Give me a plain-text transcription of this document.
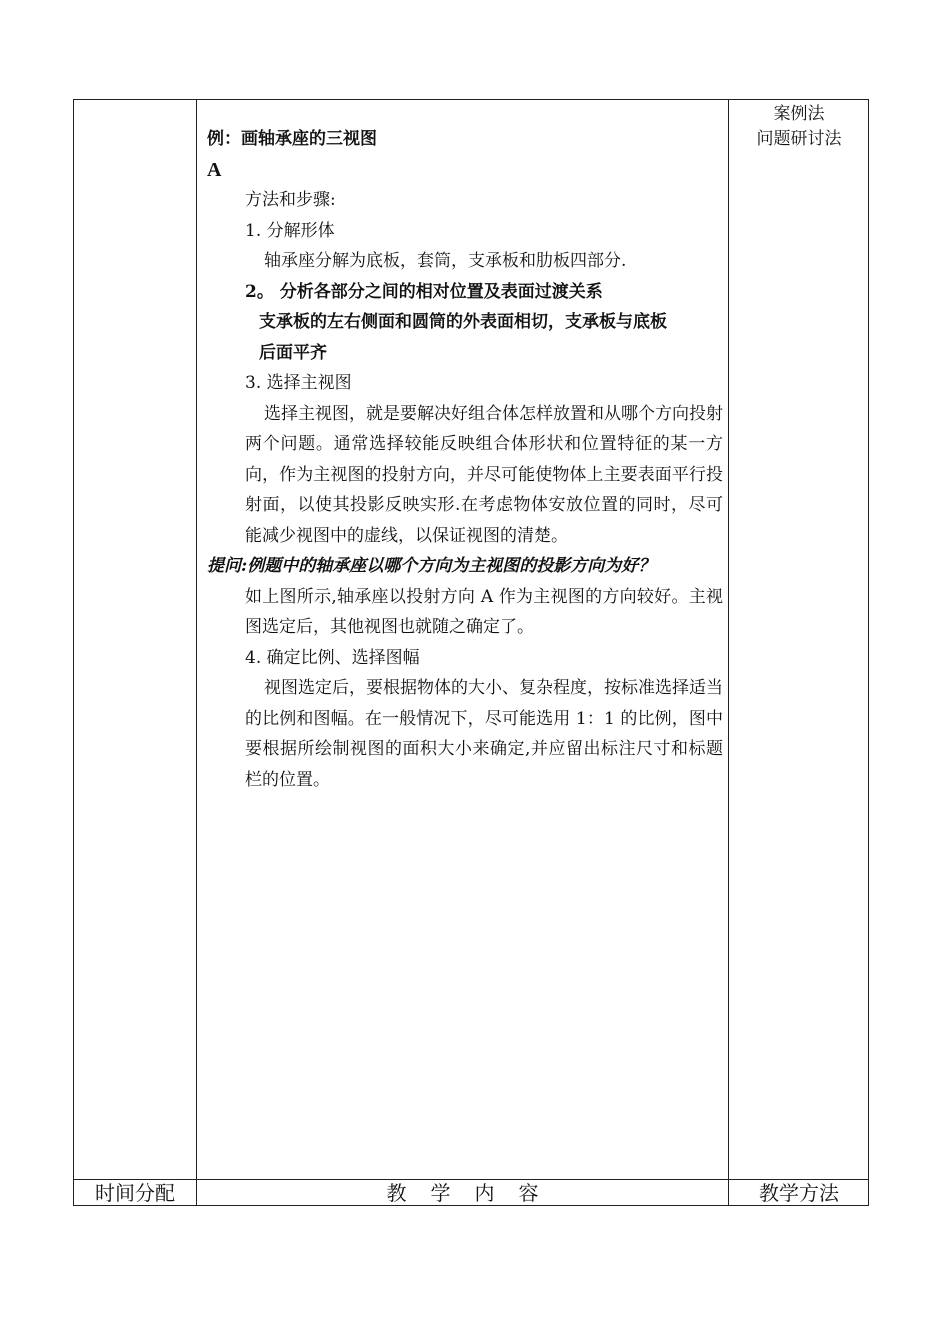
案例法
问题研讨法

例：画轴承座的三视图

A

方法和步骤:

1. 分解形体

轴承座分解为底板，套筒，支承板和肋板四部分.

2。 分析各部分之间的相对位置及表面过渡关系

支承板的左右侧面和圆筒的外表面相切，支承板与底板

后面平齐

3. 选择主视图

选择主视图，就是要解决好组合体怎样放置和从哪个方向投射两个问题。通常选择较能反映组合体形状和位置特征的某一方向，作为主视图的投射方向，并尽可能使物体上主要表面平行投射面，以使其投影反映实形.在考虑物体安放位置的同时，尽可能减少视图中的虚线，以保证视图的清楚。

提问:例题中的轴承座以哪个方向为主视图的投影方向为好？

如上图所示,轴承座以投射方向 A 作为主视图的方向较好。主视图选定后，其他视图也就随之确定了。

4. 确定比例、选择图幅

视图选定后，要根据物体的大小、复杂程度，按标准选择适当的比例和图幅。在一般情况下，尽可能选用 1：1 的比例，图中要根据所绘制视图的面积大小来确定,并应留出标注尺寸和标题栏的位置。

时间分配	教学内容	教学方法
